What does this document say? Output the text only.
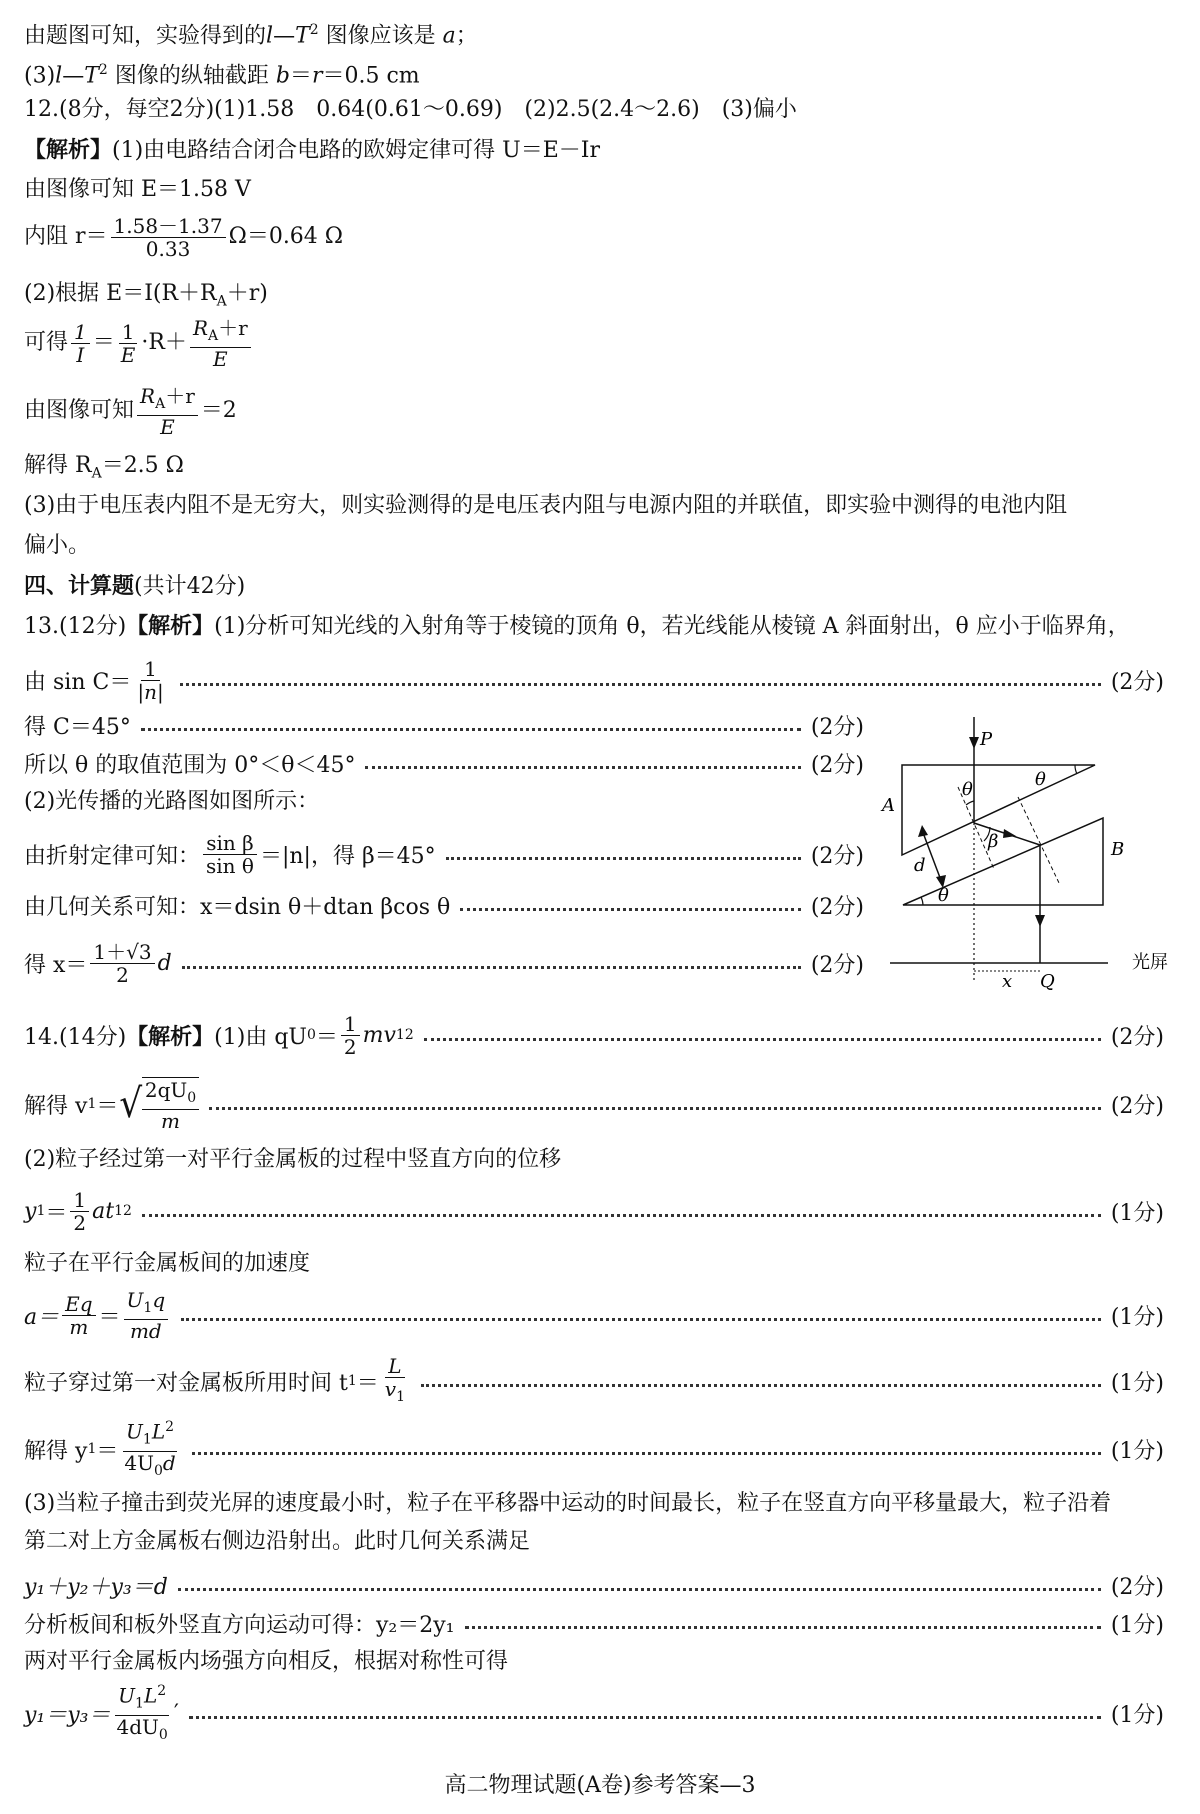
由题图可知，实验得到的$l—T^2$ 图像应该是 a；
$(3)l—T^2$ 图像的纵轴截距 b＝r＝0.5 cm
12.(8分，每空2分)(1)1.58　0.64(0.61～0.69)　(2)2.5(2.4～2.6)　(3)偏小
【解析】(1)由电路结合闭合电路的欧姆定律可得 U＝E－Ir
由图像可知 E＝1.58 V
内阻 $r= \frac{1.58-1.37}{0.33} \Omega=0.64$ Ω
(2)根据 $E=I(R+R_A+r)$
可得 $\frac{1}{I} = \frac{1}{E} \cdot R+ \frac{R_A+r}{E}$
由图像可知 $\frac{R_A+r}{E} =2$
解得 $R_A=2.5$ Ω
(3)由于电压表内阻不是无穷大，则实验测得的是电压表内阻与电源内阻的并联值，即实验中测得的电池内阻
偏小。
四、计算题(共计42分)
13.(12分)【解析】(1)分析可知光线的入射角等于棱镜的顶角 θ，若光线能从棱镜 A 斜面射出，θ 应小于临界角，
由 $\sin C= \frac{1}{|n|}$	(2分)
得 C＝45°	(2分)
所以 θ 的取值范围为 0°＜θ＜45°	(2分)
(2)光传播的光路图如图所示：
由折射定律可知： $\frac{\text{sin β}}{\text{sin θ}} =|n|$，得 β＝45°	(2分)
由几何关系可知：x＝dsin θ＋dtan βcos θ	(2分)
得 $x= \frac{1+√3}{2}$ d	(2分)
P
θ
θ
A
β
d
θ
B
x Q
光屏
14.(14分) 【解析】 (1)由 qU $0 = \frac{1}{2}$ mv 1 2	(2分)
解得 v 1 ＝ √ $\frac{2qU_0}{m}$	(2分)
(2)粒子经过第一对平行金属板的过程中竖直方向的位移
y $1 = \frac{1}{2}$ at 1 2	(1分)
粒子在平行金属板间的加速度
$a= \frac{Eq}{m} = \frac{U_1q}{md}$	(1分)
粒子穿过第一对金属板所用时间 t $1 = \frac{L}{v_1}$	(1分)
解得 y $1 = \frac{U_1L^2}{4U_0d}$	(1分)
(3)当粒子撞击到荧光屏的速度最小时，粒子在平移器中运动的时间最长，粒子在竖直方向平移量最大，粒子沿着
第二对上方金属板右侧边沿射出。此时几何关系满足
y₁＋y₂＋y₃＝d	(2分)
分析板间和板外竖直方向运动可得：y₂＝2y₁	(1分)
两对平行金属板内场强方向相反，根据对称性可得
$y_1=y_3= \frac{U_1L^2}{4dU_0}$ ′	(1分)
高二物理试题(A卷)参考答案—3
